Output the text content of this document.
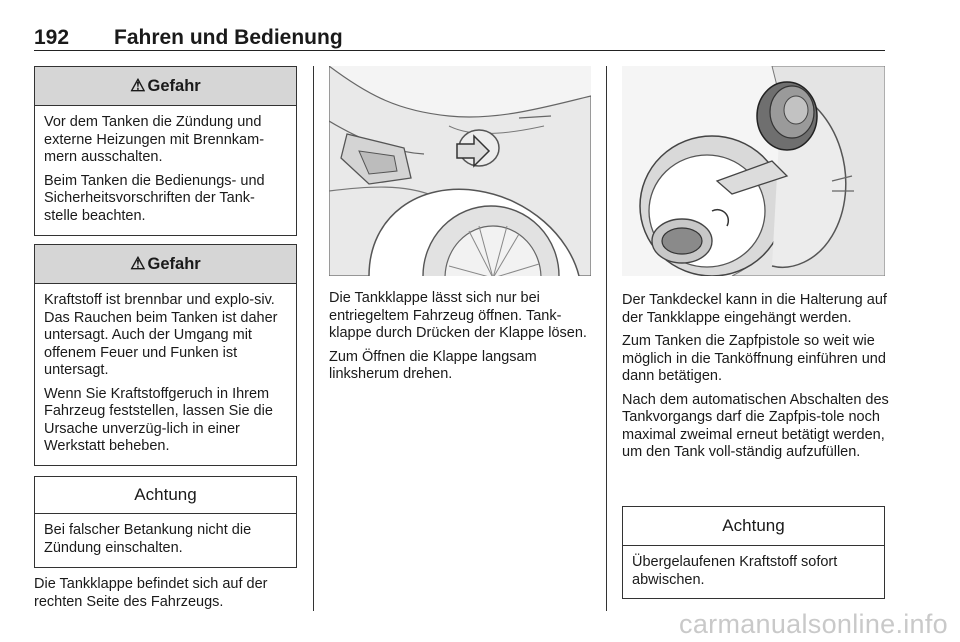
192 Fahren und Bedienung
⚠ Gefahr

Vor dem Tanken die Zündung und externe Heizungen mit Brennkam-mern ausschalten.

Beim Tanken die Bedienungs- und Sicherheitsvorschriften der Tank-stelle beachten.

⚠ Gefahr

Kraftstoff ist brennbar und explo-siv. Das Rauchen beim Tanken ist daher untersagt. Auch der Umgang mit offenem Feuer und Funken ist untersagt.

Wenn Sie Kraftstoffgeruch in Ihrem Fahrzeug feststellen, lassen Sie die Ursache unverzüg-lich in einer Werkstatt beheben.

Achtung

Bei falscher Betankung nicht die Zündung einschalten.

Die Tankklappe befindet sich auf der rechten Seite des Fahrzeugs.

Die Tankklappe lässt sich nur bei entriegeltem Fahrzeug öffnen. Tank-klappe durch Drücken der Klappe lösen.

Zum Öffnen die Klappe langsam linksherum drehen.

Der Tankdeckel kann in die Halterung auf der Tankklappe eingehängt werden.

Zum Tanken die Zapfpistole so weit wie möglich in die Tanköffnung einführen und dann betätigen.

Nach dem automatischen Abschalten des Tankvorgangs darf die Zapfpis-tole noch maximal zweimal erneut betätigt werden, um den Tank voll-ständig aufzufüllen.

Achtung

Übergelaufenen Kraftstoff sofort abwischen.

carmanualsonline.info
